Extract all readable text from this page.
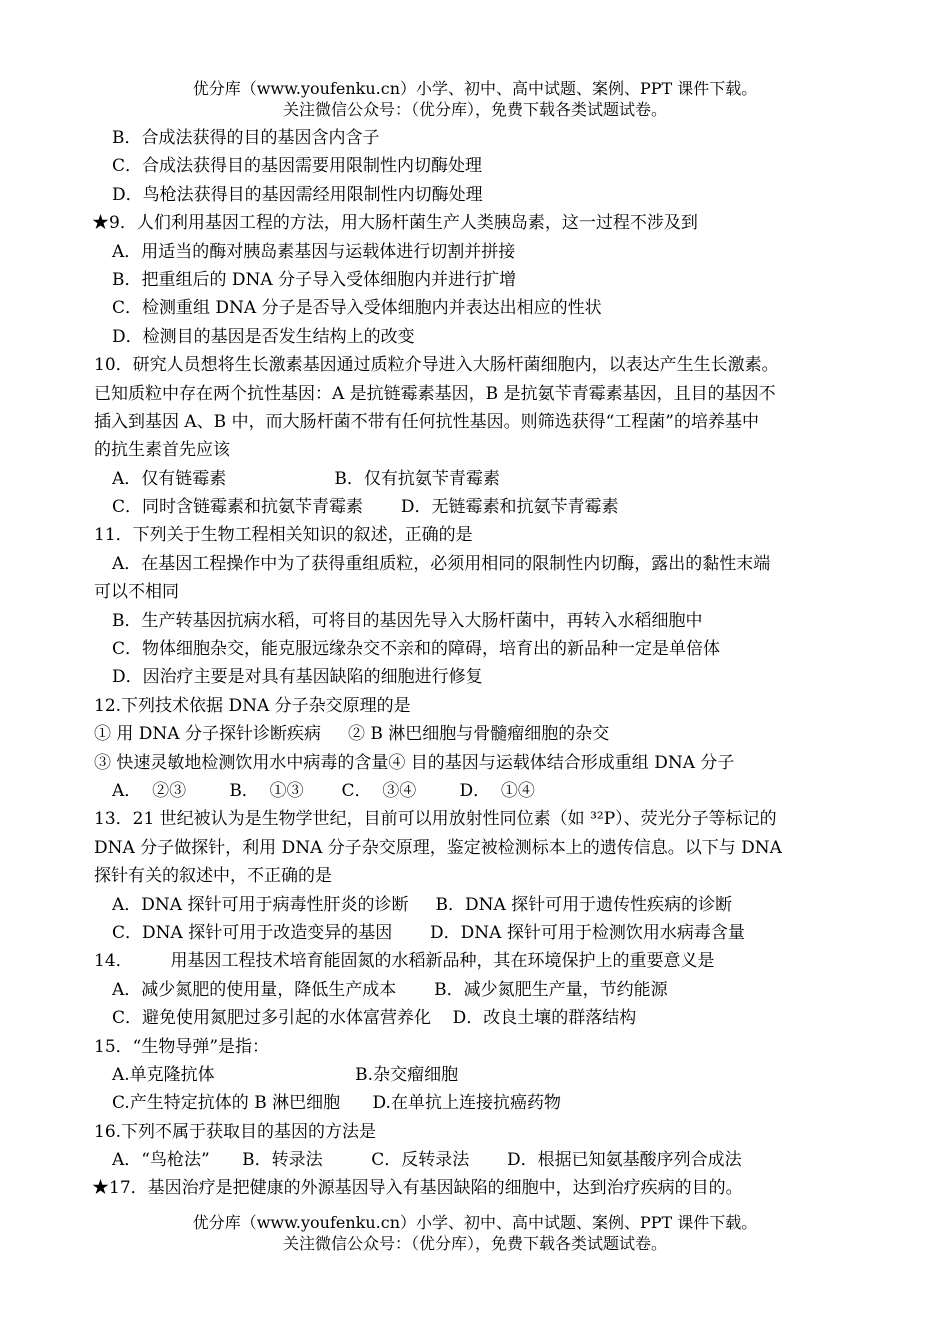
优分库（www.youfenku.cn）小学、初中、高中试题、案例、PPT 课件下载。
关注微信公众号：（优分库），免费下载各类试题试卷。
B．合成法获得的目的基因含内含子
C．合成法获得目的基因需要用限制性内切酶处理
D．鸟枪法获得目的基因需经用限制性内切酶处理
★9．人们利用基因工程的方法，用大肠杆菌生产人类胰岛素，这一过程不涉及到
A．用适当的酶对胰岛素基因与运载体进行切割并拼接
B．把重组后的 DNA 分子导入受体细胞内并进行扩增
C．检测重组 DNA 分子是否导入受体细胞内并表达出相应的性状
D．检测目的基因是否发生结构上的改变
10．研究人员想将生长激素基因通过质粒介导进入大肠杆菌细胞内，以表达产生生长激素。
已知质粒中存在两个抗性基因：A 是抗链霉素基因，B 是抗氨苄青霉素基因，且目的基因不
插入到基因 A、B 中，而大肠杆菌不带有任何抗性基因。则筛选获得“工程菌”的培养基中
的抗生素首先应该
A．仅有链霉素                    B．仅有抗氨苄青霉素
C．同时含链霉素和抗氨苄青霉素       D．无链霉素和抗氨苄青霉素
11．下列关于生物工程相关知识的叙述，正确的是
A．在基因工程操作中为了获得重组质粒，必须用相同的限制性内切酶，露出的黏性末端
可以不相同
B．生产转基因抗病水稻，可将目的基因先导入大肠杆菌中，再转入水稻细胞中
C．物体细胞杂交，能克服远缘杂交不亲和的障碍，培育出的新品种一定是单倍体
D．因治疗主要是对具有基因缺陷的细胞进行修复
12.下列技术依据 DNA 分子杂交原理的是
① 用 DNA 分子探针诊断疾病     ② B 淋巴细胞与骨髓瘤细胞的杂交
③ 快速灵敏地检测饮用水中病毒的含量④ 目的基因与运载体结合形成重组 DNA 分子
A．  ②③        B．  ①③       C．  ③④        D．  ①④
13．21 世纪被认为是生物学世纪，目前可以用放射性同位素（如 ³²P）、荧光分子等标记的
DNA 分子做探针，利用 DNA 分子杂交原理，鉴定被检测标本上的遗传信息。以下与 DNA
探针有关的叙述中，不正确的是
A．DNA 探针可用于病毒性肝炎的诊断     B．DNA 探针可用于遗传性疾病的诊断
C．DNA 探针可用于改造变异的基因       D．DNA 探针可用于检测饮用水病毒含量
14．       用基因工程技术培育能固氮的水稻新品种，其在环境保护上的重要意义是
A．减少氮肥的使用量，降低生产成本       B．减少氮肥生产量，节约能源
C．避免使用氮肥过多引起的水体富营养化    D．改良土壤的群落结构
15．“生物导弹”是指：
A.单克隆抗体                          B.杂交瘤细胞
C.产生特定抗体的 B 淋巴细胞      D.在单抗上连接抗癌药物
16.下列不属于获取目的基因的方法是
A．“鸟枪法”      B．转录法         C．反转录法       D．根据已知氨基酸序列合成法
★17．基因治疗是把健康的外源基因导入有基因缺陷的细胞中，达到治疗疾病的目的。
优分库（www.youfenku.cn）小学、初中、高中试题、案例、PPT 课件下载。
关注微信公众号：（优分库），免费下载各类试题试卷。
